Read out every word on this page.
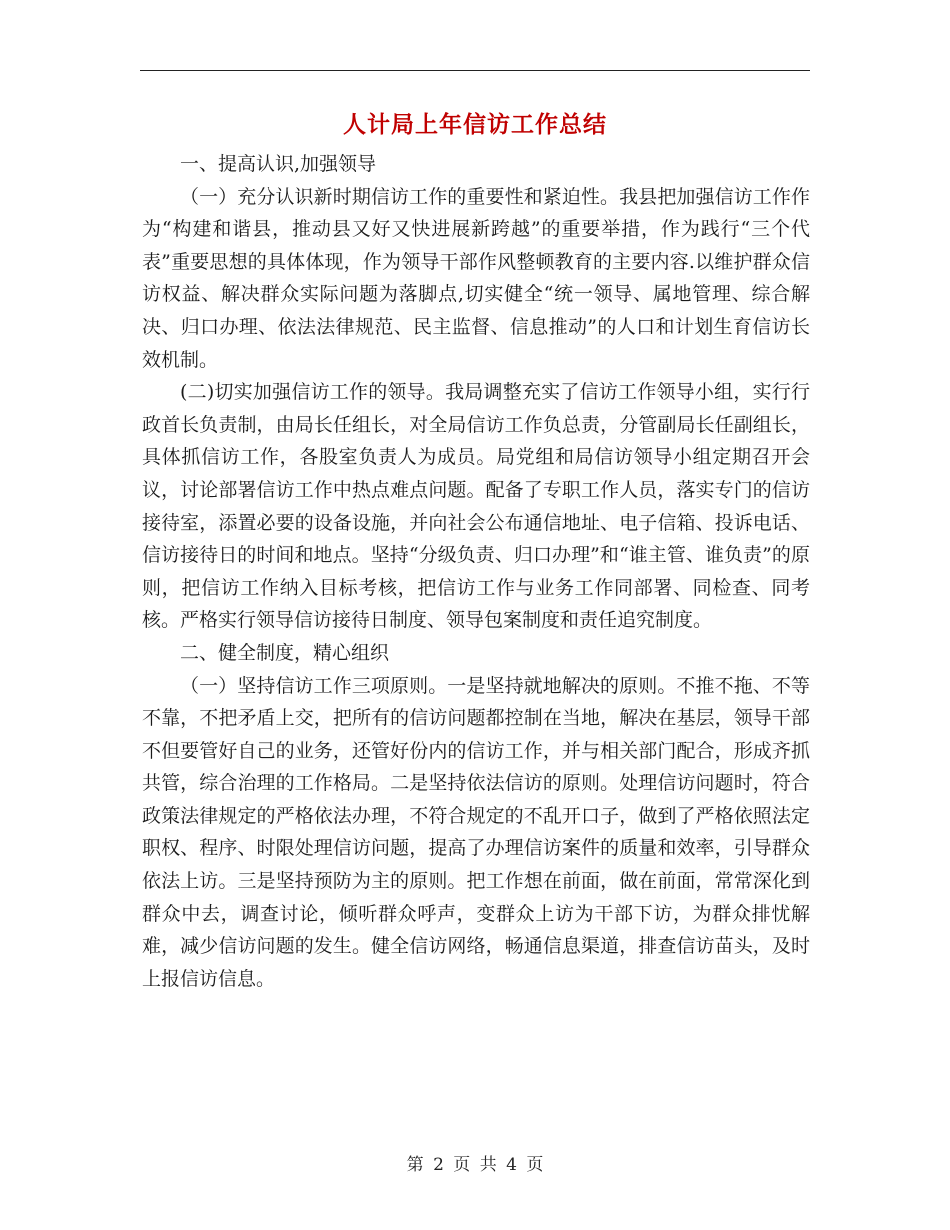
人计局上年信访工作总结

一、提高认识,加强领导

（一）充分认识新时期信访工作的重要性和紧迫性。我县把加强信访工作作为“构建和谐县，推动县又好又快进展新跨越”的重要举措，作为践行“三个代表”重要思想的具体体现，作为领导干部作风整顿教育的主要内容.以维护群众信访权益、解决群众实际问题为落脚点,切实健全“统一领导、属地管理、综合解决、归口办理、依法法律规范、民主监督、信息推动”的人口和计划生育信访长效机制。

(二)切实加强信访工作的领导。我局调整充实了信访工作领导小组，实行行政首长负责制，由局长任组长，对全局信访工作负总责，分管副局长任副组长，具体抓信访工作，各股室负责人为成员。局党组和局信访领导小组定期召开会议，讨论部署信访工作中热点难点问题。配备了专职工作人员，落实专门的信访接待室，添置必要的设备设施，并向社会公布通信地址、电子信箱、投诉电话、信访接待日的时间和地点。坚持“分级负责、归口办理”和“谁主管、谁负责”的原则，把信访工作纳入目标考核，把信访工作与业务工作同部署、同检查、同考核。严格实行领导信访接待日制度、领导包案制度和责任追究制度。

二、健全制度，精心组织

（一）坚持信访工作三项原则。一是坚持就地解决的原则。不推不拖、不等不靠，不把矛盾上交，把所有的信访问题都控制在当地，解决在基层，领导干部不但要管好自己的业务，还管好份内的信访工作，并与相关部门配合，形成齐抓共管，综合治理的工作格局。二是坚持依法信访的原则。处理信访问题时，符合政策法律规定的严格依法办理，不符合规定的不乱开口子，做到了严格依照法定职权、程序、时限处理信访问题，提高了办理信访案件的质量和效率，引导群众依法上访。三是坚持预防为主的原则。把工作想在前面，做在前面，常常深化到群众中去，调查讨论，倾听群众呼声，变群众上访为干部下访，为群众排忧解难，减少信访问题的发生。健全信访网络，畅通信息渠道，排查信访苗头，及时上报信访信息。

第 2 页 共 4 页
